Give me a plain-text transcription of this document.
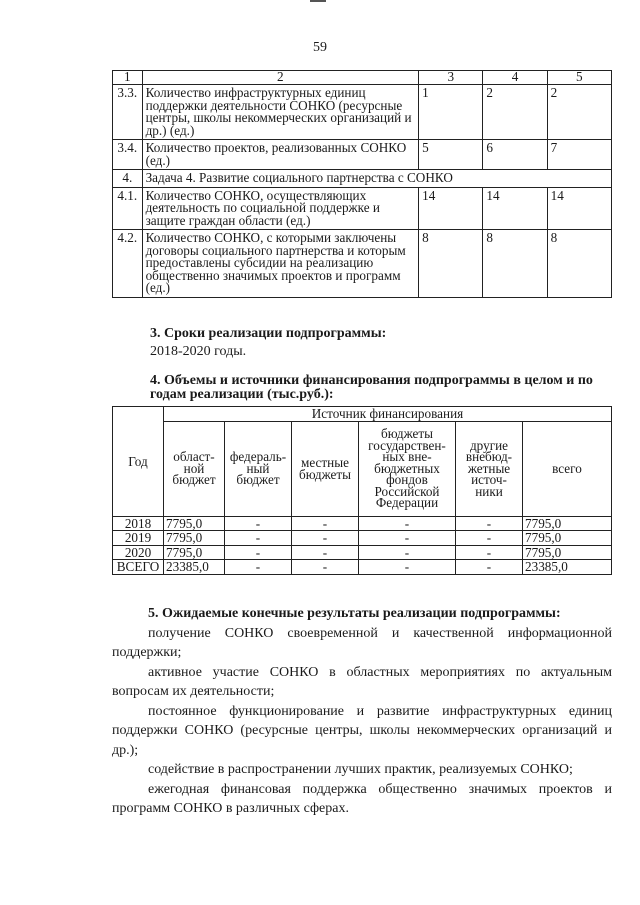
59
1	2	3	4	5
3.3.	Количество инфраструктурных единиц поддержки деятельности СОНКО (ресурсные центры, школы некоммерческих организаций и др.) (ед.)	1	2	2
3.4.	Количество проектов, реализованных СОНКО (ед.)	5	6	7
4.	Задача 4. Развитие социального партнерства с СОНКО			
4.1.	Количество СОНКО, осуществляющих деятельность по социальной поддержке и защите граждан области (ед.)	14	14	14
4.2.	Количество СОНКО, с которыми заключены договоры социального партнерства и которым предоставлены субсидии на реализацию общественно значимых проектов и программ (ед.)	8	8	8
3. Сроки реализации подпрограммы:
2018-2020 годы.
4. Объемы и источники финансирования подпрограммы в целом и по годам реализации (тыс.руб.):
Год	Источник финансирования					
	област-ной бюджет	федераль-ный бюджет	местные бюджеты	бюджеты государствен-ных вне-бюджетных фондов Российской Федерации	другие внебюд-жетные источ-ники	всего
2018	7795,0	-	-	-	-	7795,0
2019	7795,0	-	-	-	-	7795,0
2020	7795,0	-	-	-	-	7795,0
ВСЕГО	23385,0	-	-	-	-	23385,0
5. Ожидаемые конечные результаты реализации подпрограммы:

получение СОНКО своевременной и качественной информационной поддержки;

активное участие СОНКО в областных мероприятиях по актуальным вопросам их деятельности;

постоянное функционирование и развитие инфраструктурных единиц поддержки СОНКО (ресурсные центры, школы некоммерческих организаций и др.);

содействие в распространении лучших практик, реализуемых СОНКО;

ежегодная финансовая поддержка общественно значимых проектов и программ СОНКО в различных сферах.
